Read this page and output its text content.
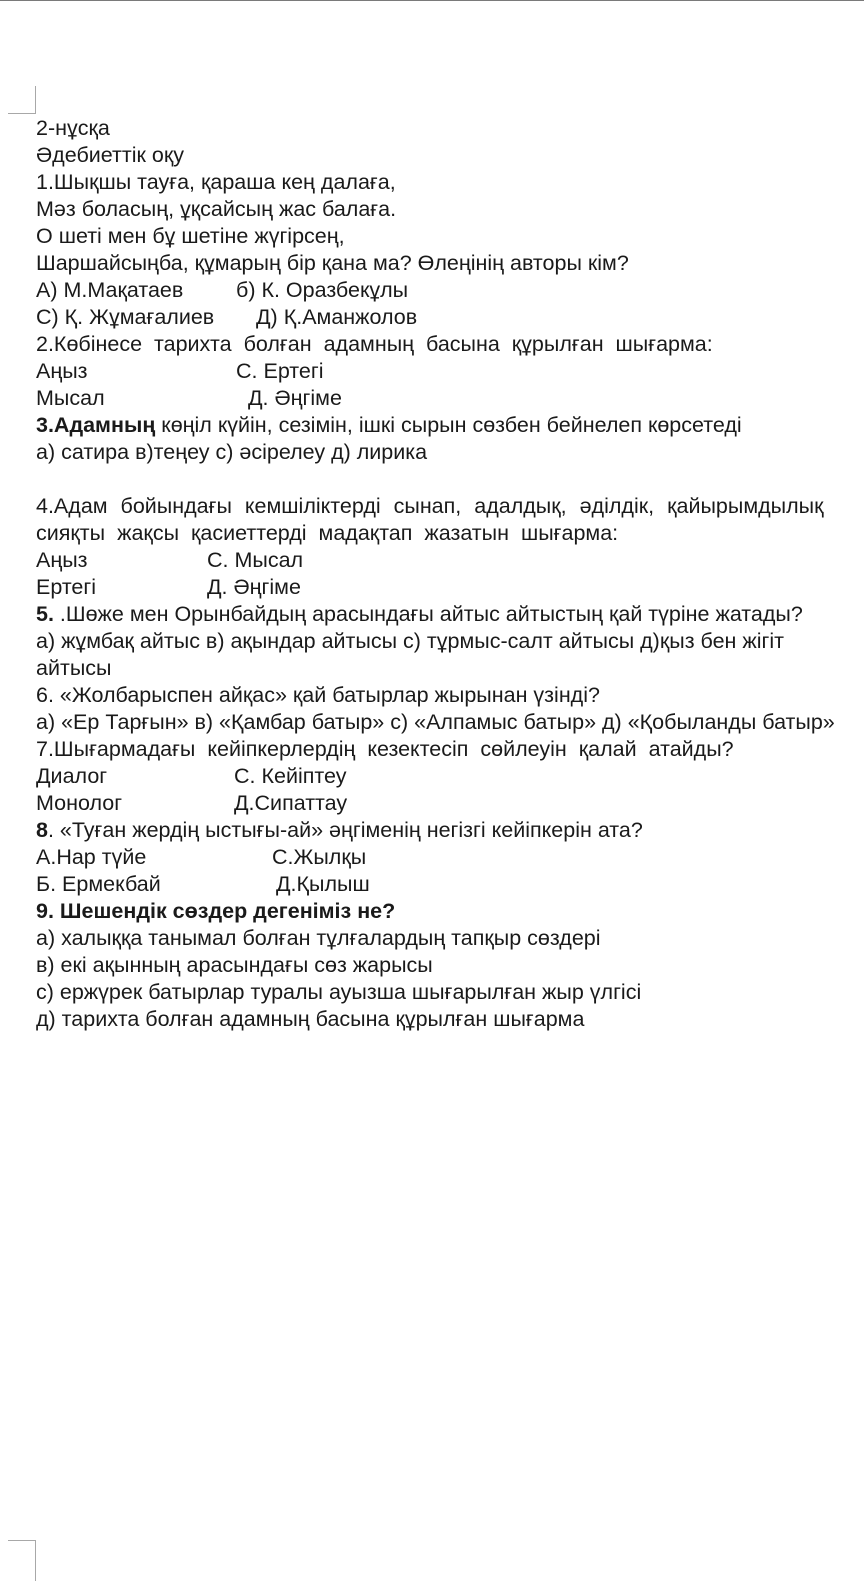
2-нұсқа
Әдебиеттік оқу
1.Шықшы тауға, қараша кең далаға,
Мәз боласың, ұқсайсың жас балаға.
О шеті мен бұ шетіне жүгірсең,
Шаршайсыңба, құмарың бір қана ма? Өлеңінің авторы кім?
А) М.Мақатаев б) К. Оразбекұлы
С) Қ. Жұмағалиев Д) Қ.Аманжолов
2.Көбінесе тарихта болған адамның басына құрылған шығарма:
Аңыз	С. Ертегі
Мысал	Д. Әңгіме
3.Адамның көңіл күйін, сезімін, ішкі сырын сөзбен бейнелеп көрсетеді
а) сатира в)теңеу с) әсірелеу д) лирика
4.Адам бойындағы кемшіліктерді сынап, адалдық, әділдік, қайырымдылық
сияқты жақсы қасиеттерді мадақтап жазатын шығарма:
Аңыз	С. Мысал
Ертегі	Д. Әңгіме
5. .Шөже мен Орынбайдың арасындағы айтыс айтыстың қай түріне жатады?
а) жұмбақ айтыс в) ақындар айтысы с) тұрмыс-салт айтысы д)қыз бен жігіт
айтысы
6. «Жолбарыспен айқас» қай батырлар жырынан үзінді?
а) «Ер Тарғын» в) «Қамбар батыр» с) «Алпамыс батыр» д) «Қобыланды батыр»
7.Шығармадағы кейіпкерлердің кезектесіп сөйлеуін қалай атайды?
Диалог	С. Кейіптеу
Монолог	Д.Сипаттау
8. «Туған жердің ыстығы-ай» әңгіменің негізгі кейіпкерін ата?
А.Нар түйе	С.Жылқы
Б. Ермекбай	Д.Қылыш
9. Шешендік сөздер дегеніміз не?
а) халыққа танымал болған тұлғалардың тапқыр сөздері
в) екі ақынның арасындағы сөз жарысы
с) ержүрек батырлар туралы ауызша шығарылған жыр үлгісі
д) тарихта болған адамның басына құрылған шығарма
